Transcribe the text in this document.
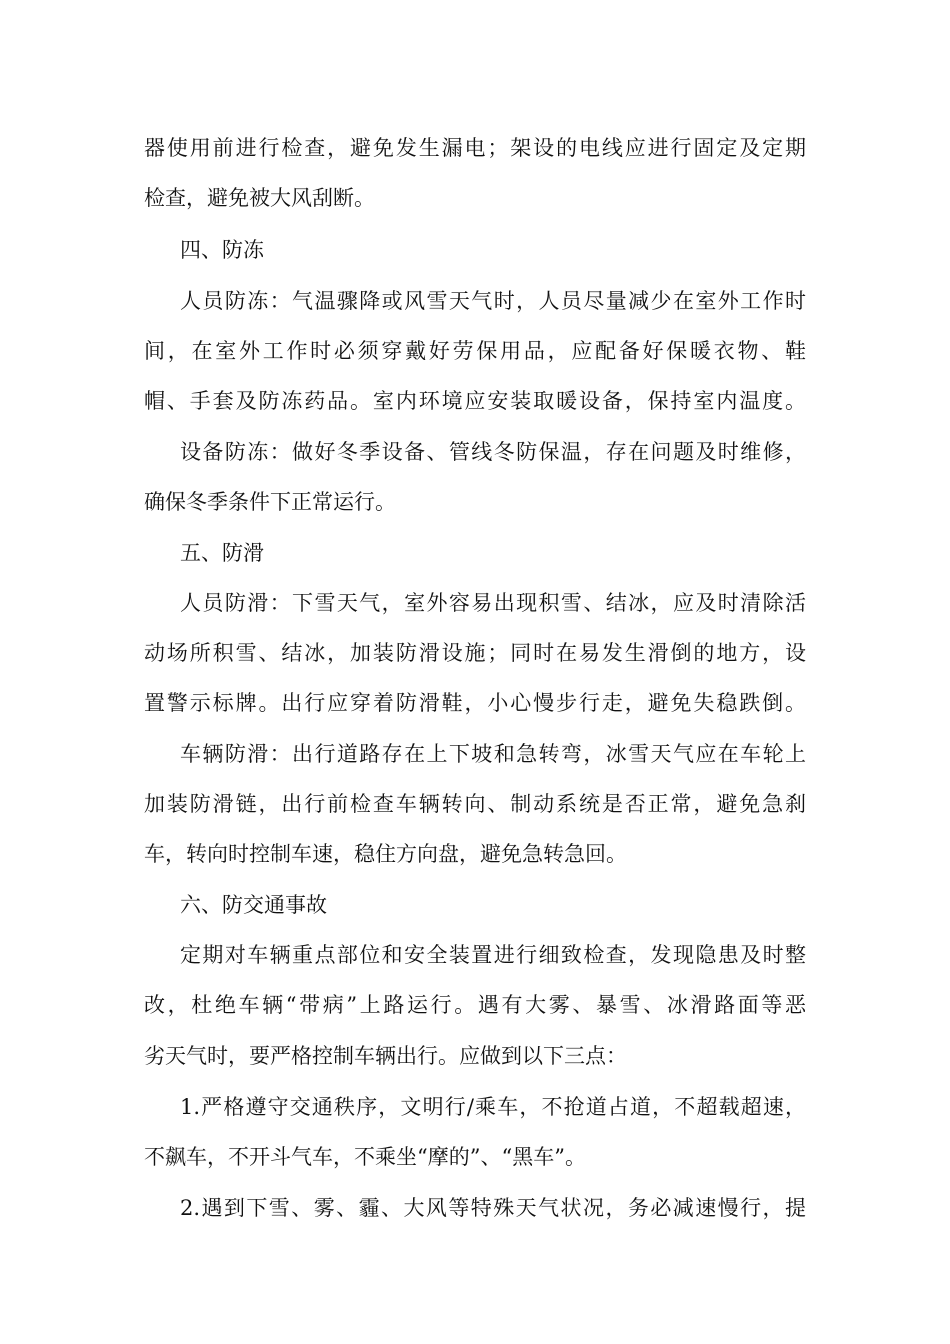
器使用前进行检查，避免发生漏电；架设的电线应进行固定及定期
检查，避免被大风刮断。
四、防冻
人员防冻：气温骤降或风雪天气时，人员尽量减少在室外工作时
间，在室外工作时必须穿戴好劳保用品，应配备好保暖衣物、鞋
帽、手套及防冻药品。室内环境应安装取暖设备，保持室内温度。
设备防冻：做好冬季设备、管线冬防保温，存在问题及时维修，
确保冬季条件下正常运行。
五、防滑
人员防滑：下雪天气，室外容易出现积雪、结冰，应及时清除活
动场所积雪、结冰，加装防滑设施；同时在易发生滑倒的地方，设
置警示标牌。出行应穿着防滑鞋，小心慢步行走，避免失稳跌倒。
车辆防滑：出行道路存在上下坡和急转弯，冰雪天气应在车轮上
加装防滑链，出行前检查车辆转向、制动系统是否正常，避免急刹
车，转向时控制车速，稳住方向盘，避免急转急回。
六、防交通事故
定期对车辆重点部位和安全装置进行细致检查，发现隐患及时整
改，杜绝车辆“带病”上路运行。遇有大雾、暴雪、冰滑路面等恶
劣天气时，要严格控制车辆出行。应做到以下三点：
1.严格遵守交通秩序，文明行/乘车，不抢道占道，不超载超速，
不飙车，不开斗气车，不乘坐“摩的”、“黑车”。
2.遇到下雪、雾、霾、大风等特殊天气状况，务必减速慢行，提
